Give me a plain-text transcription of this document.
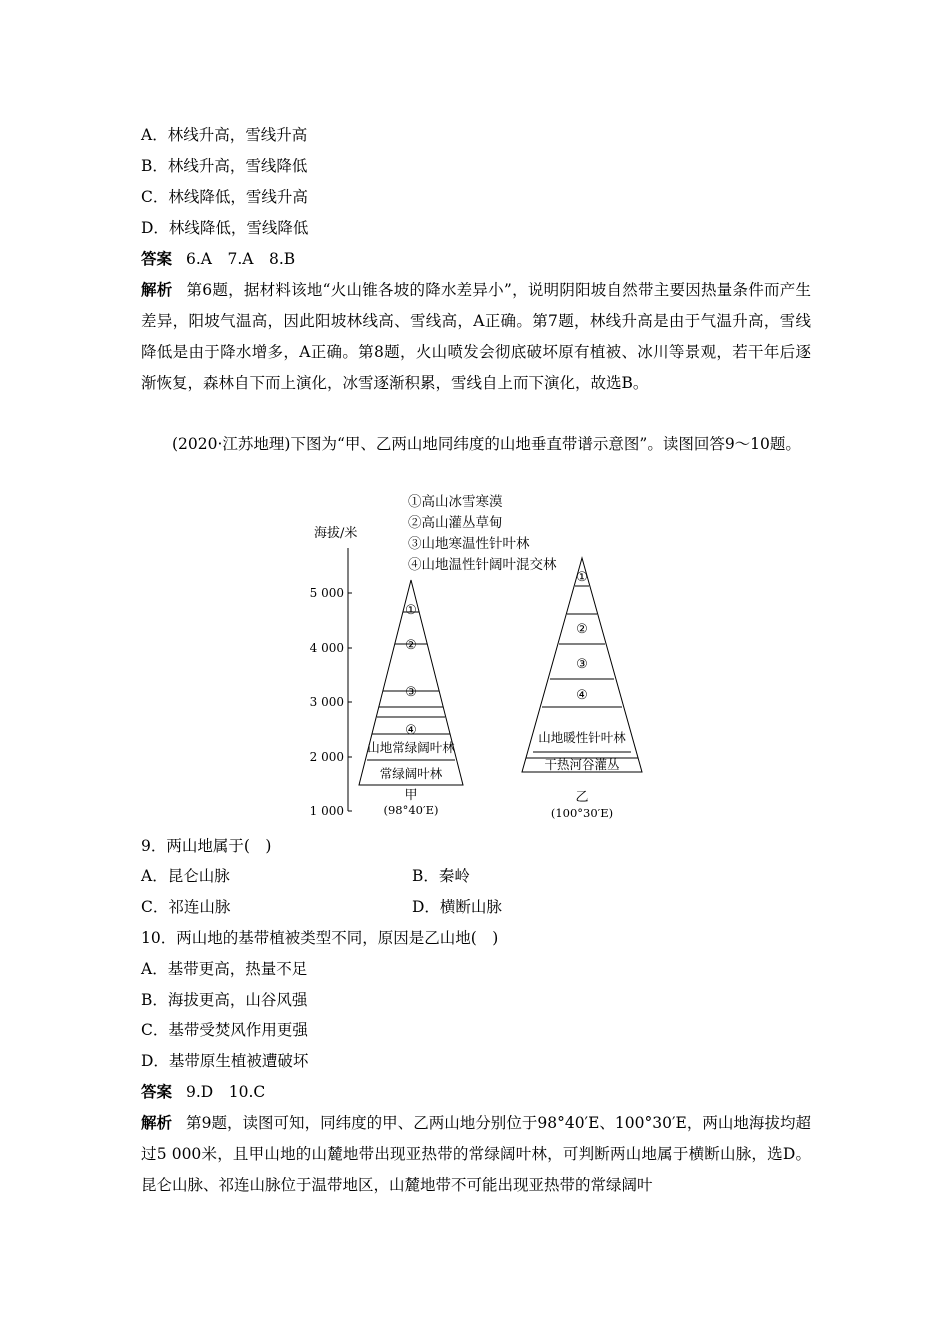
A．林线升高，雪线升高
B．林线升高，雪线降低
C．林线降低，雪线升高
D．林线降低，雪线降低
答案 6.A　7.A　8.B
解析 第6题，据材料该地“火山锥各坡的降水差异小”，说明阴阳坡自然带主要因热量条件而产生差异，阳坡气温高，因此阳坡林线高、雪线高，A正确。第7题，林线升高是由于气温升高，雪线降低是由于降水增多，A正确。第8题，火山喷发会彻底破坏原有植被、冰川等景观，若干年后逐渐恢复，森林自下而上演化，冰雪逐渐积累，雪线自上而下演化，故选B。
(2020·江苏地理)下图为“甲、乙两山地同纬度的山地垂直带谱示意图”。读图回答9～10题。
①高山冰雪寒漠
②高山灌丛草甸
③山地寒温性针叶林
④山地温性针阔叶混交林
海拔/米
5 000
4 000
3 000
2 000
1 000
①
②
③
④
山地常绿阔叶林
常绿阔叶林
甲
(98°40′E)
①
②
③
④
山地暖性针叶林
干热河谷灌丛
乙
(100°30′E)
9．两山地属于(　)
A．昆仑山脉	B．秦岭
C．祁连山脉	D．横断山脉
10．两山地的基带植被类型不同，原因是乙山地(　)
A．基带更高，热量不足
B．海拔更高，山谷风强
C．基带受焚风作用更强
D．基带原生植被遭破坏
答案 9.D　10.C
解析 第9题，读图可知，同纬度的甲、乙两山地分别位于98°40′E、100°30′E，两山地海拔均超过5 000米，且甲山地的山麓地带出现亚热带的常绿阔叶林，可判断两山地属于横断山脉，选D。昆仑山脉、祁连山脉位于温带地区，山麓地带不可能出现亚热带的常绿阔叶
